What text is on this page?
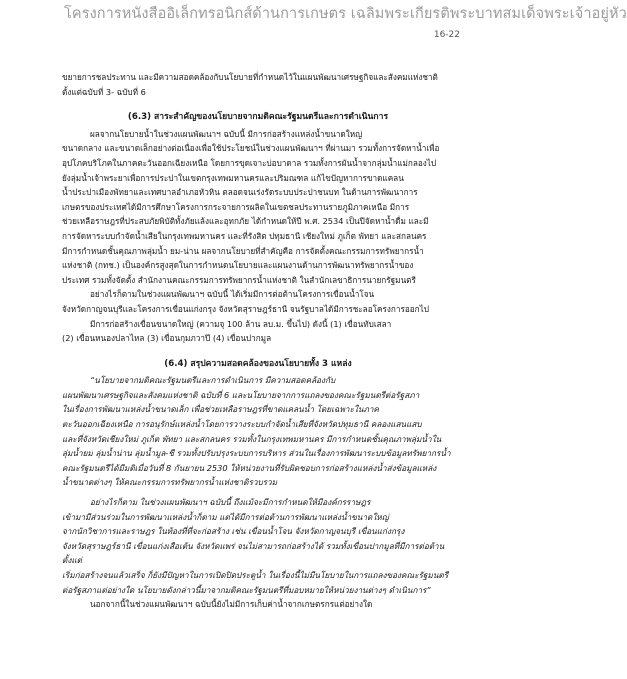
โครงการหนังสืออิเล็กทรอนิกส์ด้านการเกษตร เฉลิมพระเกียรติพระบาทสมเด็จพระเจ้าอยู่หัว
16-22

ขยายการชลประทาน และมีความสอดคล้องกับนโยบายที่กำหนดไว้ในแผนพัฒนาเศรษฐกิจและสังคมแห่งชาติ

ตั้งแต่ฉบับที่ 3- ฉบับที่ 6

(6.3) สาระสำคัญของนโยบายจากมติคณะรัฐมนตรีและการดำเนินการ

ผลจากนโยบายน้ำในช่วงแผนพัฒนาฯ ฉบับนี้ มีการก่อสร้างแหล่งน้ำขนาดใหญ่

ขนาดกลาง และขนาดเล็กอย่างต่อเนื่องเพื่อใช้ประโยชน์ในช่วงแผนพัฒนาฯ ที่ผ่านมา รวมทั้งการจัดหาน้ำเพื่อ

อุปโภคบริโภคในภาคตะวันออกเฉียงเหนือ โดยการขุดเจาะบ่อบาดาล รวมทั้งการผันน้ำจากลุ่มน้ำแม่กลองไป

ยังลุ่มน้ำเจ้าพระยาเพื่อการประปาในเขตกรุงเทพมหานครและปริมณฑล แก้ไขปัญหาการขาดแคลน

น้ำประปาเมืองพัทยาและเทศบาลอำเภอหัวหิน ตลอดจนเร่งรัดระบบประปาชนบท ในด้านการพัฒนาการ

เกษตรของประเทศได้มีการศึกษาโครงการกระจายการผลิตในเขตชลประทานรายภูมิภาคเหนือ มีการ

ช่วยเหลือราษฎรที่ประสบภัยพิบัติทั้งภัยแล้งและอุทกภัย ได้กำหนดให้ปี พ.ศ. 2534 เป็นปีจัดหาน้ำดื่ม และมี

การจัดหาระบบกำจัดน้ำเสียในกรุงเทพมหานคร และที่รังสิต ปทุมธานี เชียงใหม่ ภูเก็ต พัทยา และสกลนคร

มีการกำหนดชั้นคุณภาพลุ่มน้ำ ยม-น่าน ผลจากนโยบายที่สำคัญคือ การจัดตั้งคณะกรรมการทรัพยากรน้ำ

แห่งชาติ (กทช.) เป็นองค์กรสูงสุดในการกำหนดนโยบายและแผนงานด้านการพัฒนาทรัพยากรน้ำของ

ประเทศ รวมทั้งจัดตั้ง สำนักงานคณะกรรมการทรัพยากรน้ำแห่งชาติ ในสำนักเลขาธิการนายกรัฐมนตรี

อย่างไรก็ตามในช่วงแผนพัฒนาฯ ฉบับนี้ ได้เริ่มมีการต่อต้านโครงการเขื่อนน้ำโจน

จังหวัดกาญจนบุรีและโครงการเขื่อนแก่งกรุง จังหวัดสุราษฎร์ธานี จนรัฐบาลได้มีการชะลอโครงการออกไป

มีการก่อสร้างเขื่อนขนาดใหญ่ (ความจุ 100 ล้าน ลบ.ม. ขึ้นไป) ดังนี้ (1) เขื่อนทับเสลา

(2) เขื่อนหนองปลาไหล (3) เขื่อนกุมภวาปี (4) เขื่อนปากมูล

(6.4) สรุปความสอดคล้องของนโยบายทั้ง 3 แหล่ง

“นโยบายจากมติคณะรัฐมนตรีและการดำเนินการ มีความสอดคล้องกับ

แผนพัฒนาเศรษฐกิจและสังคมแห่งชาติ ฉบับที่ 6 และนโยบายจากการแถลงของคณะรัฐมนตรีต่อรัฐสภา

ในเรื่องการพัฒนาแหล่งน้ำขนาดเล็ก เพื่อช่วยเหลือราษฎรที่ขาดแคลนน้ำ โดยเฉพาะในภาค

ตะวันออกเฉียงเหนือ การอนุรักษ์แหล่งน้ำโดยการวางระบบกำจัดน้ำเสียที่จังหวัดปทุมธานี คลองแสนแสบ

และที่จังหวัดเชียงใหม่ ภูเก็ต พัทยา และสกลนคร รวมทั้งในกรุงเทพมหานคร มีการกำหนดชั้นคุณภาพลุ่มน้ำใน

ลุ่มน้ำยม ลุ่มน้ำน่าน ลุ่มน้ำมูล-ชี รวมทั้งปรับปรุงระบบการบริหาร ส่วนในเรื่องการพัฒนาระบบข้อมูลทรัพยากรน้ำ

คณะรัฐมนตรีได้มีมติเมื่อวันที่ 8 กันยายน 2530 ให้หน่วยงานที่รับผิดชอบการก่อสร้างแหล่งน้ำส่งข้อมูลแหล่ง

น้ำขนาดต่างๆ ให้คณะกรรมการทรัพยากรน้ำแห่งชาติรวบรวม

อย่างไรก็ตาม ในช่วงแผนพัฒนาฯ ฉบับนี้ ถึงแม้จะมีการกำหนดให้มีองค์กรราษฎร

เข้ามามีส่วนร่วมในการพัฒนาแหล่งน้ำก็ตาม แต่ได้มีการต่อต้านการพัฒนาแหล่งน้ำขนาดใหญ่

จากนักวิชาการและราษฎร ในท้องที่ที่จะก่อสร้าง เช่น เขื่อนน้ำโจน จังหวัดกาญจนบุรี เขื่อนแก่งกรุง

จังหวัดสุราษฎร์ธานี เขื่อนแก่งเสือเต้น จังหวัดแพร่ จนไม่สามารถก่อสร้างได้ รวมทั้งเขื่อนปากมูลที่มีการต่อต้านตั้งแต่

เริ่มก่อสร้างจนแล้วเสร็จ ก็ยังมีปัญหาในการเปิดปิดประตูน้ำ ในเรื่องนี้ไม่มีนโยบายในการแถลงของคณะรัฐมนตรี

ต่อรัฐสภาแต่อย่างใด นโยบายดังกล่าวนี้มาจากมติคณะรัฐมนตรีที่มอบหมายให้หน่วยงานต่างๆ ดำเนินการ”

นอกจากนี้ในช่วงแผนพัฒนาฯ ฉบับนี้ยังไม่มีการเก็บค่าน้ำจากเกษตรกรแต่อย่างใด
